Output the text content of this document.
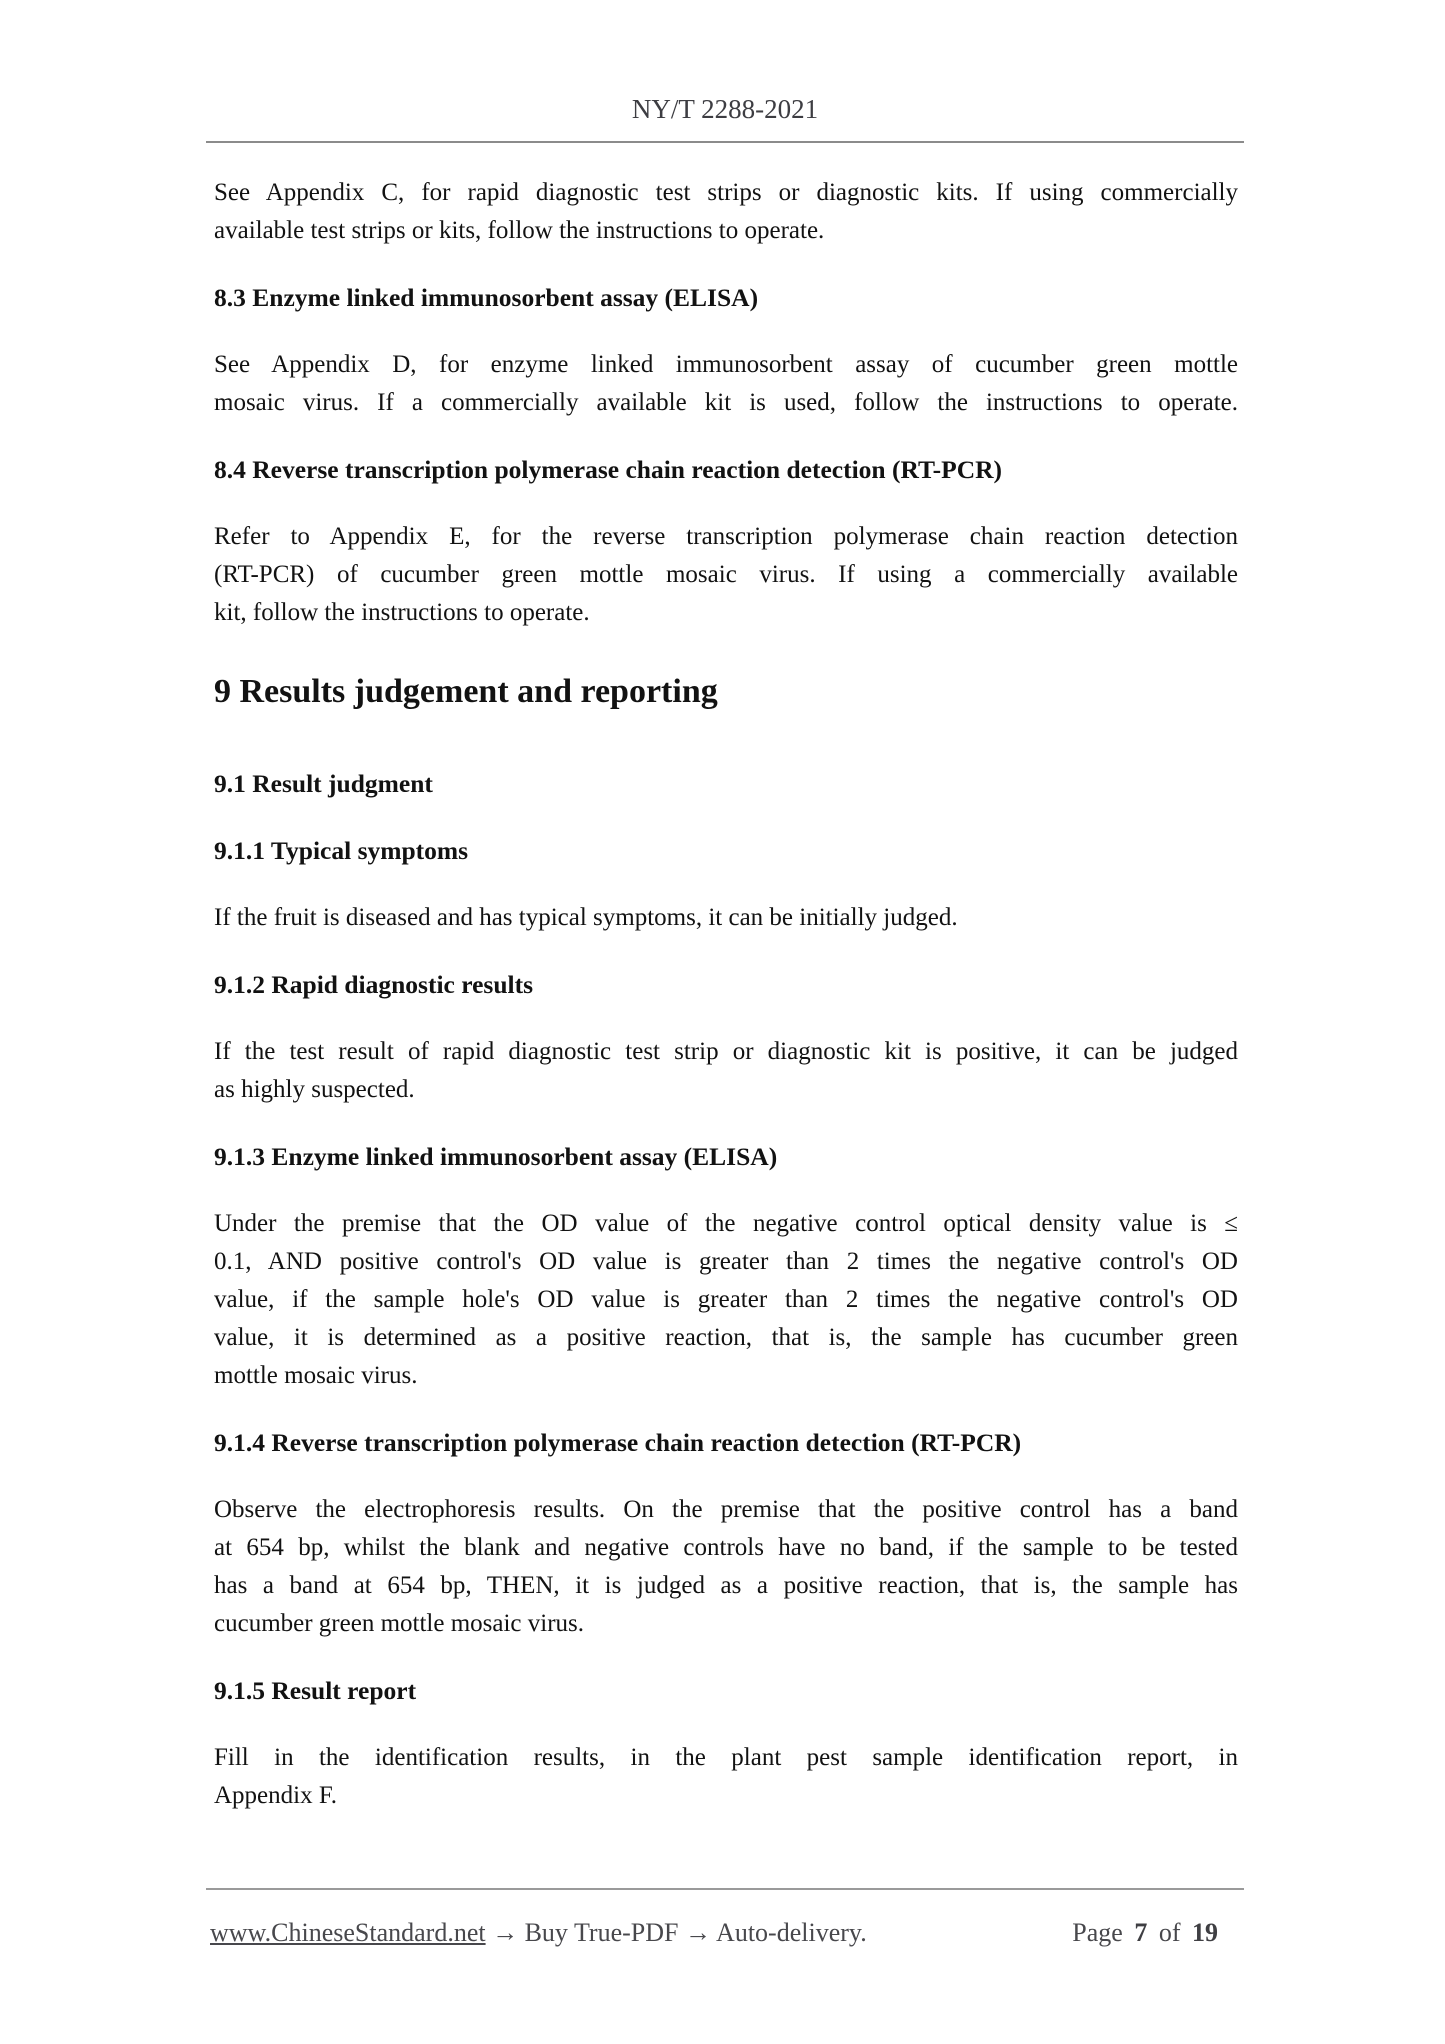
NY/T 2288-2021
See Appendix C, for rapid diagnostic test strips or diagnostic kits. If using commercially
available test strips or kits, follow the instructions to operate.
8.3 Enzyme linked immunosorbent assay (ELISA)
See Appendix D, for enzyme linked immunosorbent assay of cucumber green mottle
mosaic virus. If a commercially available kit is used, follow the instructions to operate.
8.4 Reverse transcription polymerase chain reaction detection (RT-PCR)
Refer to Appendix E, for the reverse transcription polymerase chain reaction detection
(RT-PCR) of cucumber green mottle mosaic virus. If using a commercially available
kit, follow the instructions to operate.
9 Results judgement and reporting
9.1 Result judgment
9.1.1 Typical symptoms
If the fruit is diseased and has typical symptoms, it can be initially judged.
9.1.2 Rapid diagnostic results
If the test result of rapid diagnostic test strip or diagnostic kit is positive, it can be judged
as highly suspected.
9.1.3 Enzyme linked immunosorbent assay (ELISA)
Under the premise that the OD value of the negative control optical density value is ≤
0.1, AND positive control's OD value is greater than 2 times the negative control's OD
value, if the sample hole's OD value is greater than 2 times the negative control's OD
value, it is determined as a positive reaction, that is, the sample has cucumber green
mottle mosaic virus.
9.1.4 Reverse transcription polymerase chain reaction detection (RT-PCR)
Observe the electrophoresis results. On the premise that the positive control has a band
at 654 bp, whilst the blank and negative controls have no band, if the sample to be tested
has a band at 654 bp, THEN, it is judged as a positive reaction, that is, the sample has
cucumber green mottle mosaic virus.
9.1.5 Result report
Fill in the identification results, in the plant pest sample identification report, in
Appendix F.
www.ChineseStandard.net → Buy True-PDF → Auto-delivery.	Page 7 of 19
